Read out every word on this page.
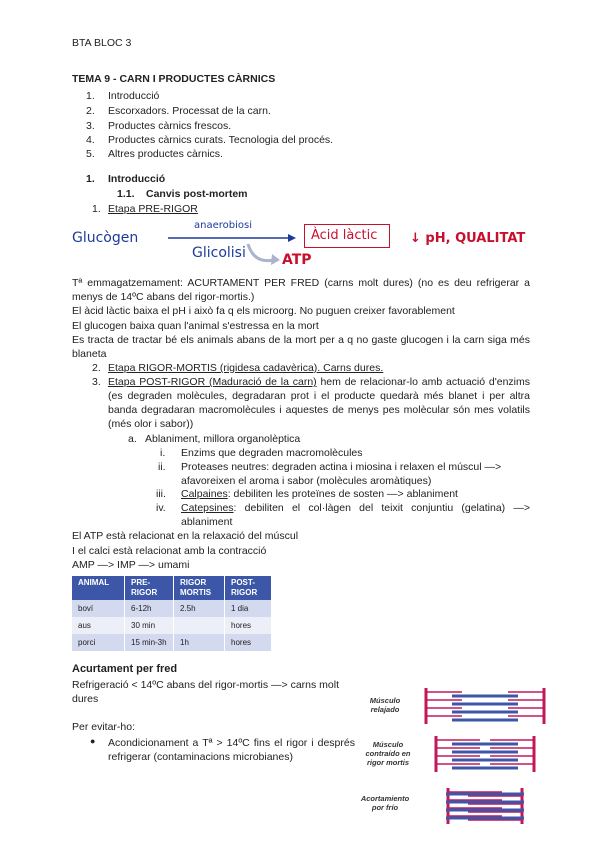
BTA BLOC 3
TEMA 9 - CARN I PRODUCTES CÀRNICS
1. Introducció
2. Escorxadors. Processat de la carn.
3. Productes càrnics frescos.
4. Productes càrnics curats. Tecnologia del procés.
5. Altres productes càrnics.
1. Introducció
1.1. Canvis post-mortem
1. Etapa PRE-RIGOR
Glucògen
anaerobiosi
Glicolisi	ATP
Àcid làctic	↓ pH, QUALITAT
Tª emmagatzemament: ACURTAMENT PER FRED (carns molt dures) (no es deu refrigerar a menys de 14ºC abans del rigor-mortis.)
El àcid làctic baixa el pH i això fa q els microorg. No puguen creixer favorablement
El glucogen baixa quan l'animal s'estressa en la mort
Es tracta de tractar bé els animals abans de la mort per a q no gaste glucogen i la carn siga més blaneta
2. Etapa RIGOR-MORTIS (rigidesa cadavèrica). Carns dures.
3. Etapa POST-RIGOR (Maduració de la carn) hem de relacionar-lo amb actuació d'enzims (es degraden molècules, degradaran prot i el producte quedarà més blanet i per altra banda degradaran macromolècules i aquestes de menys pes molècular són mes volatils (més olor i sabor))
a. Ablaniment, millora organolèptica
i. Enzims que degraden macromolècules
ii. Proteases neutres: degraden actina i miosina i relaxen el múscul —> afavoreixen el aroma i sabor (molècules aromàtiques)
iii. Calpaines: debiliten les proteïnes de sosten —> ablaniment
iv. Catepsines: debiliten el col·làgen del teixit conjuntiu (gelatina) —> ablaniment
El ATP està relacionat en la relaxació del múscul
I el calci està relacionat amb la contracció
AMP —> IMP —> umami
ANIMAL	PRE-RIGOR	RIGOR MORTIS	POST-RIGOR
boví	6-12h	2.5h	1 dia
aus	30 min		hores
porci	15 min-3h	1h	hores
Acurtament per fred
Refrigeració < 14ºC abans del rigor-mortis —> carns molt dures
Per evitar-ho:
● Acondicionament a Tª > 14ºC fins el rigor i després refrigerar (contaminacions microbianes)
Músculo relajado
Músculo contraído en rigor mortis
Acortamiento por frío
